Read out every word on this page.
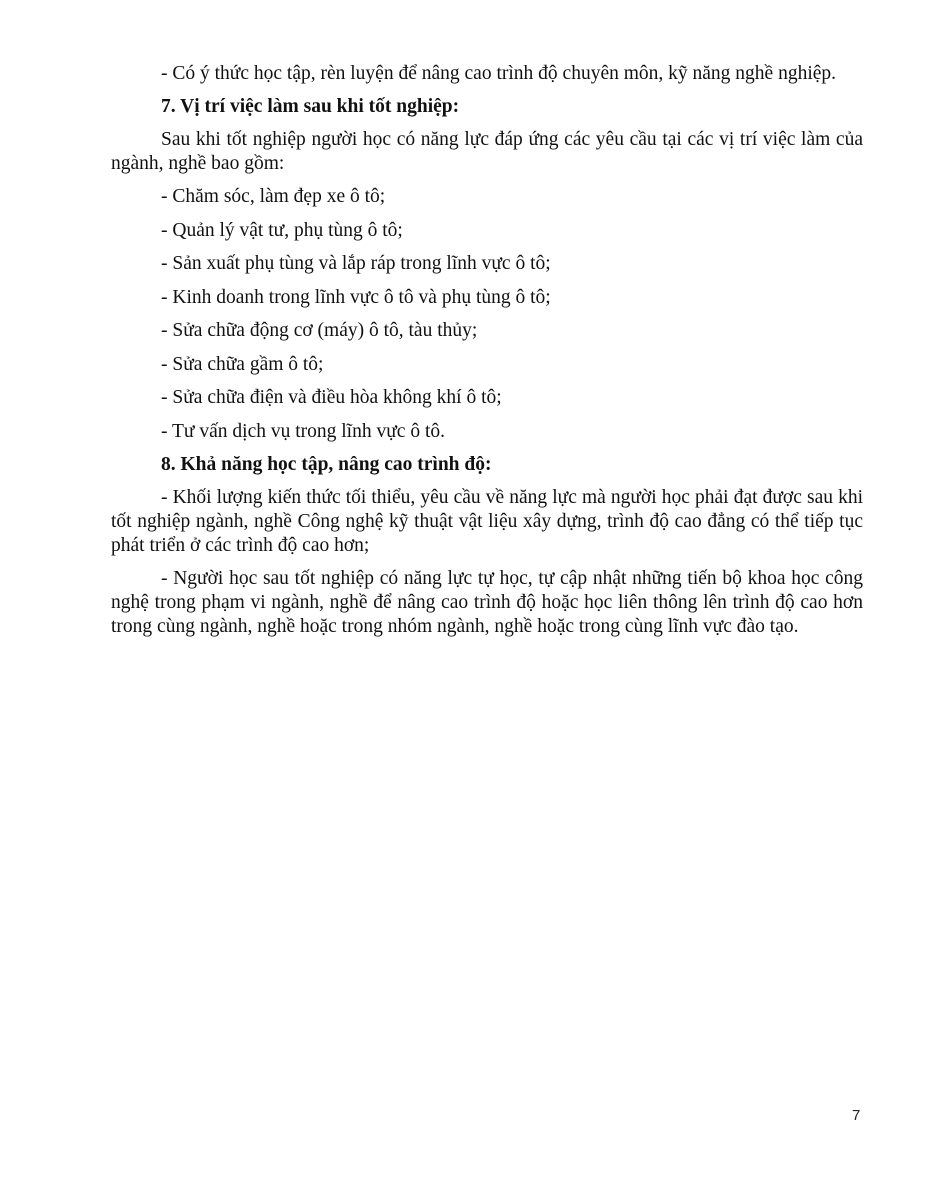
- Có ý thức học tập, rèn luyện để nâng cao trình độ chuyên môn, kỹ năng nghề nghiệp.

7. Vị trí việc làm sau khi tốt nghiệp:

Sau khi tốt nghiệp người học có năng lực đáp ứng các yêu cầu tại các vị trí việc làm của ngành, nghề bao gồm:

- Chăm sóc, làm đẹp xe ô tô;

- Quản lý vật tư, phụ tùng ô tô;

- Sản xuất phụ tùng và lắp ráp trong lĩnh vực ô tô;

- Kinh doanh trong lĩnh vực ô tô và phụ tùng ô tô;

- Sửa chữa động cơ (máy) ô tô, tàu thủy;

- Sửa chữa gầm ô tô;

- Sửa chữa điện và điều hòa không khí ô tô;

- Tư vấn dịch vụ trong lĩnh vực ô tô.

8. Khả năng học tập, nâng cao trình độ:

- Khối lượng kiến thức tối thiểu, yêu cầu về năng lực mà người học phải đạt được sau khi tốt nghiệp ngành, nghề Công nghệ kỹ thuật vật liệu xây dựng, trình độ cao đẳng có thể tiếp tục phát triển ở các trình độ cao hơn;

- Người học sau tốt nghiệp có năng lực tự học, tự cập nhật những tiến bộ khoa học công nghệ trong phạm vi ngành, nghề để nâng cao trình độ hoặc học liên thông lên trình độ cao hơn trong cùng ngành, nghề hoặc trong nhóm ngành, nghề hoặc trong cùng lĩnh vực đào tạo.

7
